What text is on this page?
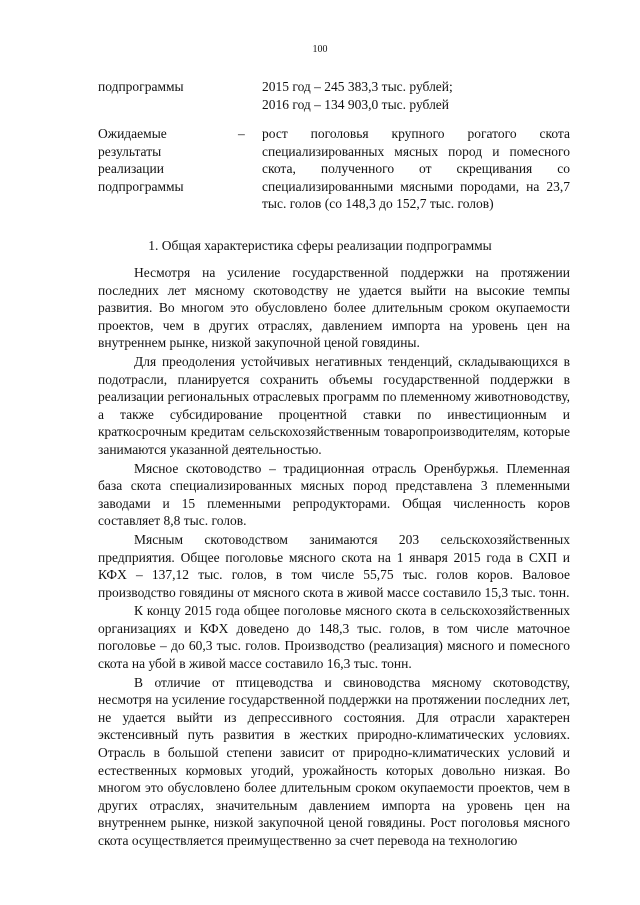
100
подпрограммы	2015 год – 245 383,3 тыс. рублей;
2016 год – 134 903,0 тыс. рублей
Ожидаемые
результаты
реализации
подпрограммы
–	рост поголовья крупного рогатого скота специализированных мясных пород и помесного скота, полученного от скрещивания со специализированными мясными породами, на 23,7 тыс. голов (со 148,3 до 152,7 тыс. голов)
1. Общая характеристика сферы реализации подпрограммы

Несмотря на усиление государственной поддержки на протяжении последних лет мясному скотоводству не удается выйти на высокие темпы развития. Во многом это обусловлено более длительным сроком окупаемости проектов, чем в других отраслях, давлением импорта на уровень цен на внутреннем рынке, низкой закупочной ценой говядины.

Для преодоления устойчивых негативных тенденций, складывающихся в подотрасли, планируется сохранить объемы государственной поддержки в реализации региональных отраслевых программ по племенному животноводству, а также субсидирование процентной ставки по инвестиционным и краткосрочным кредитам сельскохозяйственным товаропроизводителям, которые занимаются указанной деятельностью.

Мясное скотоводство – традиционная отрасль Оренбуржья. Племенная база скота специализированных мясных пород представлена 3 племенными заводами и 15 племенными репродукторами. Общая численность коров составляет 8,8 тыс. голов.

Мясным скотоводством занимаются 203 сельскохозяйственных предприятия. Общее поголовье мясного скота на 1 января 2015 года в СХП и КФХ – 137,12 тыс. голов, в том числе 55,75 тыс. голов коров. Валовое производство говядины от мясного скота в живой массе составило 15,3 тыс. тонн.

К концу 2015 года общее поголовье мясного скота в сельскохозяйственных организациях и КФХ доведено до 148,3 тыс. голов, в том числе маточное поголовье – до 60,3 тыс. голов. Производство (реализация) мясного и помесного скота на убой в живой массе составило 16,3 тыс. тонн.

В отличие от птицеводства и свиноводства мясному скотоводству, несмотря на усиление государственной поддержки на протяжении последних лет, не удается выйти из депрессивного состояния. Для отрасли характерен экстенсивный путь развития в жестких природно-климатических условиях. Отрасль в большой степени зависит от природно-климатических условий и естественных кормовых угодий, урожайность которых довольно низкая. Во многом это обусловлено более длительным сроком окупаемости проектов, чем в других отраслях, значительным давлением импорта на уровень цен на внутреннем рынке, низкой закупочной ценой говядины. Рост поголовья мясного скота осуществляется преимущественно за счет перевода на технологию
